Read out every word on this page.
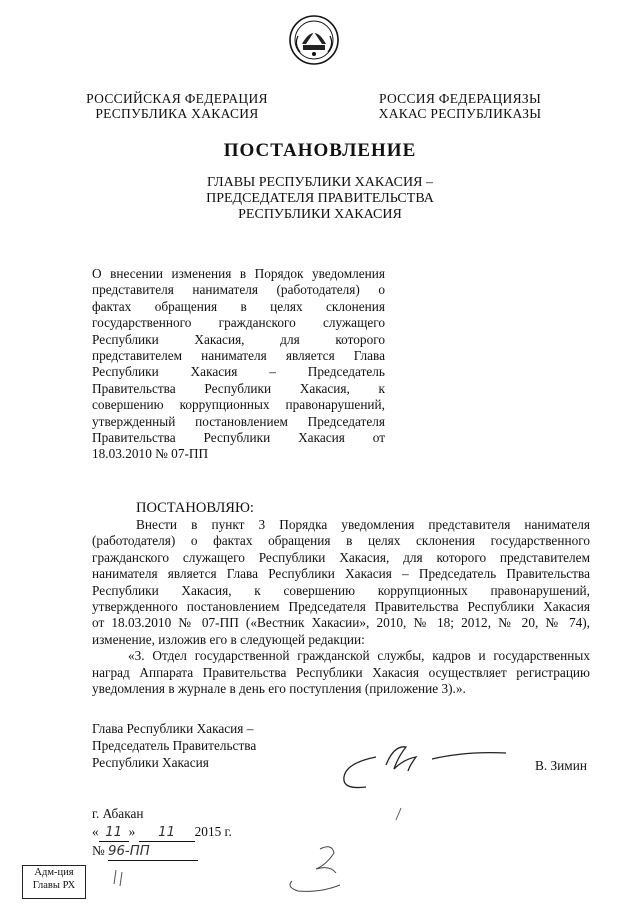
РОССИЙСКАЯ ФЕДЕРАЦИЯ
РЕСПУБЛИКА ХАКАСИЯ
РОССИЯ ФЕДЕРАЦИЯЗЫ
ХАКАС РЕСПУБЛИКАЗЫ
ПОСТАНОВЛЕНИЕ
ГЛАВЫ РЕСПУБЛИКИ ХАКАСИЯ –
ПРЕДСЕДАТЕЛЯ ПРАВИТЕЛЬСТВА
РЕСПУБЛИКИ ХАКАСИЯ
О внесении изменения в Порядок уведомления
представителя нанимателя (работодателя) о
фактах обращения в целях склонения
государственного гражданского служащего
Республики Хакасия, для которого
представителем нанимателя является Глава
Республики Хакасия – Председатель
Правительства Республики Хакасия, к
совершению коррупционных правонарушений,
утвержденный постановлением Председателя
Правительства Республики Хакасия от
18.03.2010 № 07-ПП
ПОСТАНОВЛЯЮ:
Внести в пункт 3 Порядка уведомления представителя нанимателя
(работодателя) о фактах обращения в целях склонения государственного
гражданского служащего Республики Хакасия, для которого представителем
нанимателя является Глава Республики Хакасия – Председатель Правительства
Республики Хакасия, к совершению коррупционных правонарушений,
утвержденного постановлением Председателя Правительства Республики Хакасия
от 18.03.2010 № 07-ПП («Вестник Хакасии», 2010, № 18; 2012, № 20, № 74),
изменение, изложив его в следующей редакции:
«3. Отдел государственной гражданской службы, кадров и государственных
наград Аппарата Правительства Республики Хакасия осуществляет регистрацию
уведомления в журнале в день его поступления (приложение 3).».
Глава Республики Хакасия –
Председатель Правительства
Республики Хакасия	В. Зимин
г. Абакан
« 11 » 11 2015 г.
№ 96-ПП
Адм-ция
Главы РХ
